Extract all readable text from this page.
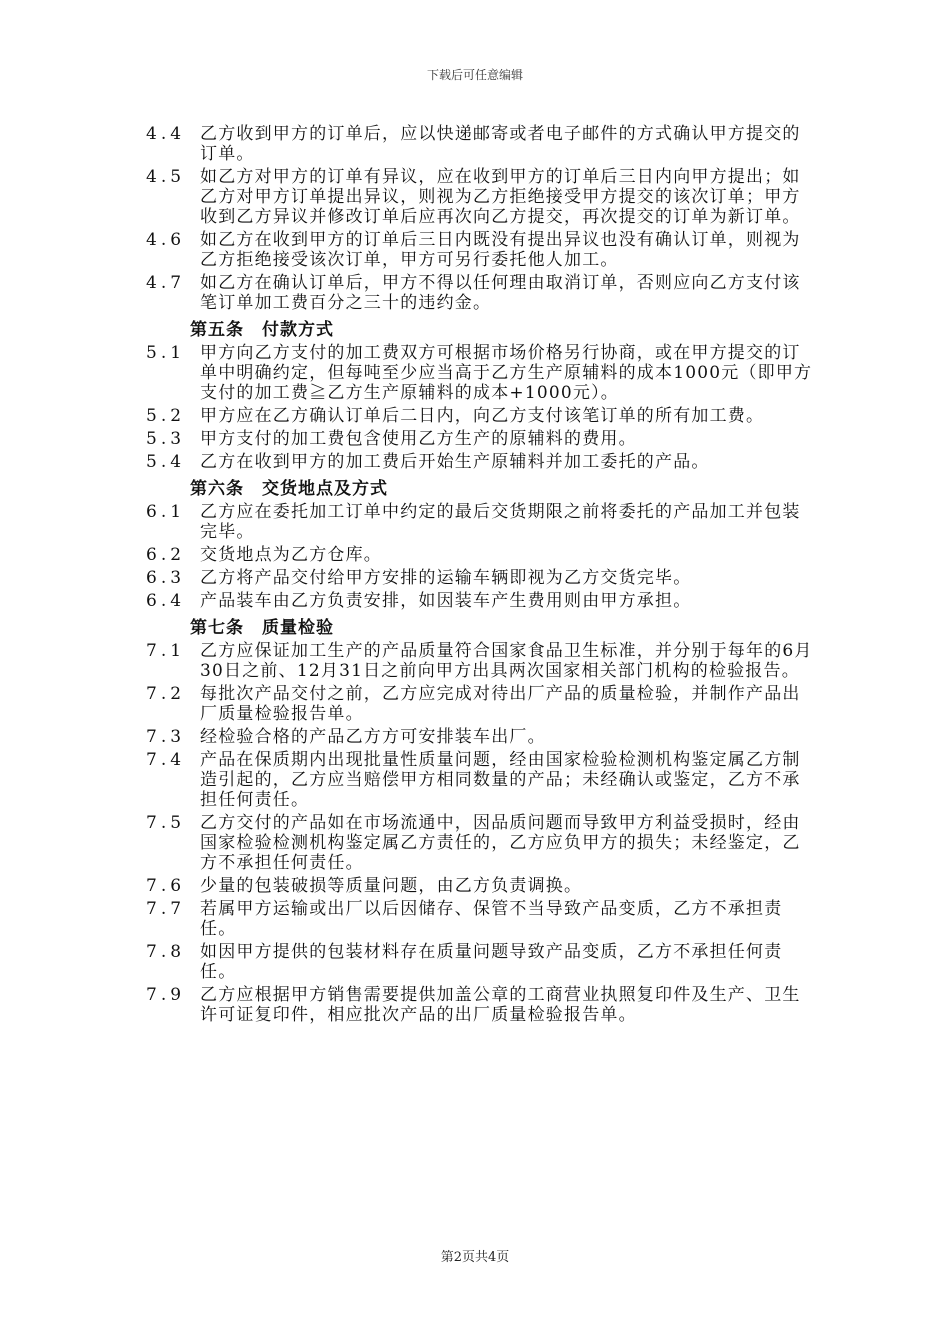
下载后可任意编辑
4.4 乙方收到甲方的订单后，应以快递邮寄或者电子邮件的方式确认甲方提交的订单。
4.5 如乙方对甲方的订单有异议，应在收到甲方的订单后三日内向甲方提出；如乙方对甲方订单提出异议，则视为乙方拒绝接受甲方提交的该次订单；甲方收到乙方异议并修改订单后应再次向乙方提交，再次提交的订单为新订单。
4.6 如乙方在收到甲方的订单后三日内既没有提出异议也没有确认订单，则视为乙方拒绝接受该次订单，甲方可另行委托他人加工。
4.7 如乙方在确认订单后，甲方不得以任何理由取消订单，否则应向乙方支付该笔订单加工费百分之三十的违约金。
第五条　付款方式
5.1 甲方向乙方支付的加工费双方可根据市场价格另行协商，或在甲方提交的订单中明确约定，但每吨至少应当高于乙方生产原辅料的成本1000元（即甲方支付的加工费≧乙方生产原辅料的成本+1000元）。
5.2 甲方应在乙方确认订单后二日内，向乙方支付该笔订单的所有加工费。
5.3 甲方支付的加工费包含使用乙方生产的原辅料的费用。
5.4 乙方在收到甲方的加工费后开始生产原辅料并加工委托的产品。
第六条　交货地点及方式
6.1 乙方应在委托加工订单中约定的最后交货期限之前将委托的产品加工并包装完毕。
6.2 交货地点为乙方仓库。
6.3 乙方将产品交付给甲方安排的运输车辆即视为乙方交货完毕。
6.4 产品装车由乙方负责安排，如因装车产生费用则由甲方承担。
第七条　质量检验
7.1 乙方应保证加工生产的产品质量符合国家食品卫生标准，并分别于每年的6月30日之前、12月31日之前向甲方出具两次国家相关部门机构的检验报告。
7.2 每批次产品交付之前，乙方应完成对待出厂产品的质量检验，并制作产品出厂质量检验报告单。
7.3 经检验合格的产品乙方方可安排装车出厂。
7.4 产品在保质期内出现批量性质量问题，经由国家检验检测机构鉴定属乙方制造引起的，乙方应当赔偿甲方相同数量的产品；未经确认或鉴定，乙方不承担任何责任。
7.5 乙方交付的产品如在市场流通中，因品质问题而导致甲方利益受损时，经由国家检验检测机构鉴定属乙方责任的，乙方应负甲方的损失；未经鉴定，乙方不承担任何责任。
7.6 少量的包装破损等质量问题，由乙方负责调换。
7.7 若属甲方运输或出厂以后因储存、保管不当导致产品变质，乙方不承担责任。
7.8 如因甲方提供的包装材料存在质量问题导致产品变质，乙方不承担任何责任。
7.9 乙方应根据甲方销售需要提供加盖公章的工商营业执照复印件及生产、卫生许可证复印件，相应批次产品的出厂质量检验报告单。
第2页共4页
